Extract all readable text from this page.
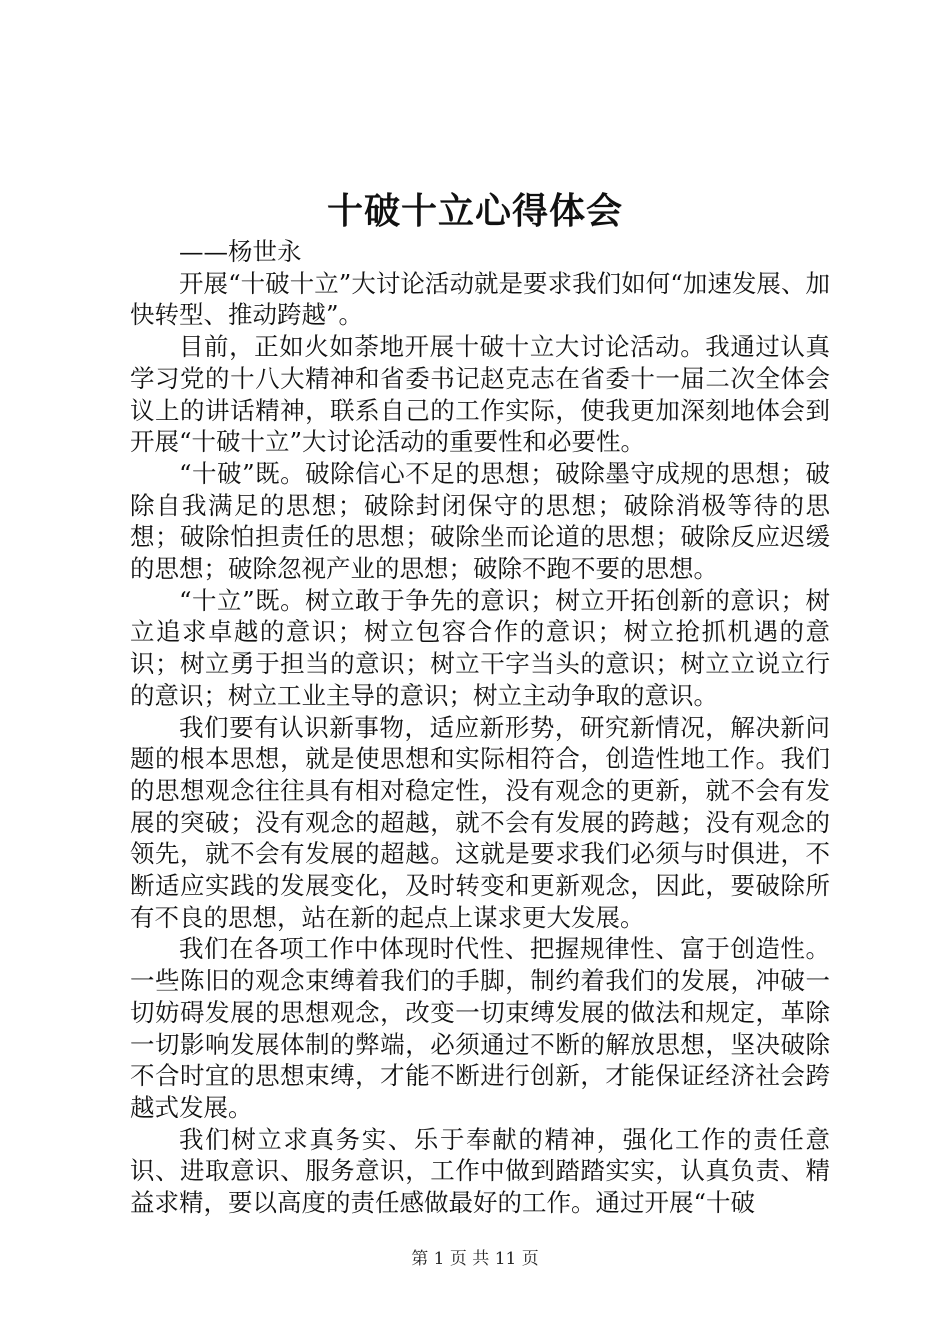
十破十立心得体会

——杨世永

开展“十破十立”大讨论活动就是要求我们如何“加速发展、加快转型、推动跨越”。

目前，正如火如荼地开展十破十立大讨论活动。我通过认真学习党的十八大精神和省委书记赵克志在省委十一届二次全体会议上的讲话精神，联系自己的工作实际，使我更加深刻地体会到开展“十破十立”大讨论活动的重要性和必要性。

“十破”既。破除信心不足的思想；破除墨守成规的思想；破除自我满足的思想；破除封闭保守的思想；破除消极等待的思想；破除怕担责任的思想；破除坐而论道的思想；破除反应迟缓的思想；破除忽视产业的思想；破除不跑不要的思想。

“十立”既。树立敢于争先的意识；树立开拓创新的意识；树立追求卓越的意识；树立包容合作的意识；树立抢抓机遇的意识；树立勇于担当的意识；树立干字当头的意识；树立立说立行的意识；树立工业主导的意识；树立主动争取的意识。

我们要有认识新事物，适应新形势，研究新情况，解决新问题的根本思想，就是使思想和实际相符合，创造性地工作。我们的思想观念往往具有相对稳定性，没有观念的更新，就不会有发展的突破；没有观念的超越，就不会有发展的跨越；没有观念的领先，就不会有发展的超越。这就是要求我们必须与时俱进，不断适应实践的发展变化，及时转变和更新观念，因此，要破除所有不良的思想，站在新的起点上谋求更大发展。

我们在各项工作中体现时代性、把握规律性、富于创造性。一些陈旧的观念束缚着我们的手脚，制约着我们的发展，冲破一切妨碍发展的思想观念，改变一切束缚发展的做法和规定，革除一切影响发展体制的弊端，必须通过不断的解放思想，坚决破除不合时宜的思想束缚，才能不断进行创新，才能保证经济社会跨越式发展。

我们树立求真务实、乐于奉献的精神，强化工作的责任意识、进取意识、服务意识，工作中做到踏踏实实，认真负责、精益求精，要以高度的责任感做最好的工作。通过开展“十破

第 1 页 共 11 页
